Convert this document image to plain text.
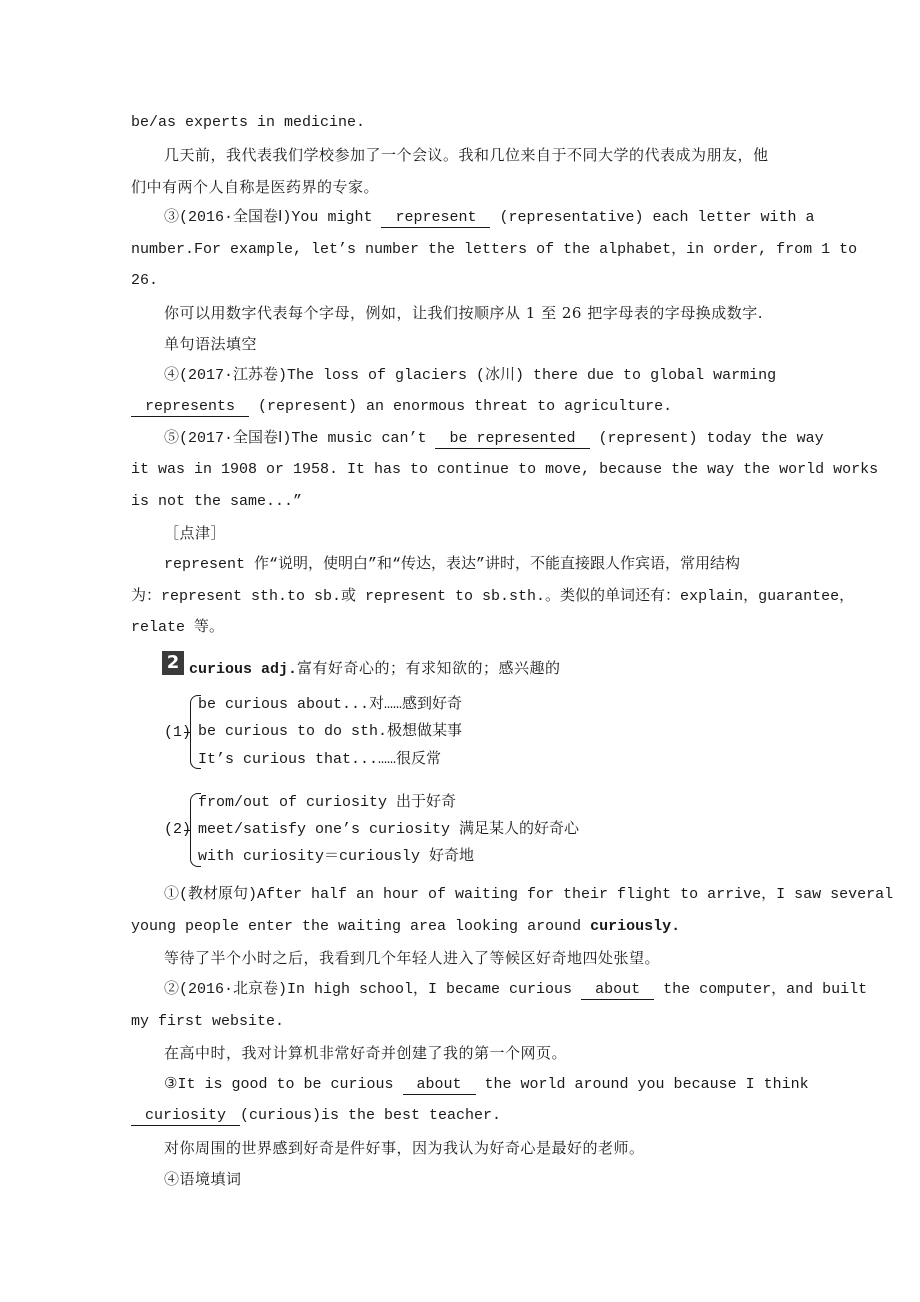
be/as experts in medicine.
几天前，我代表我们学校参加了一个会议。我和几位来自于不同大学的代表成为朋友，他
们中有两个人自称是医药界的专家。
③(2016·全国卷Ⅰ)You might represent (representative) each letter with a
number.For example, let’s number the letters of the alphabet，in order, from 1 to
26.
你可以用数字代表每个字母，例如，让我们按顺序从 1 至 26 把字母表的字母换成数字.
单句语法填空
④(2017·江苏卷)The loss of glaciers (冰川) there due to global warming
represents (represent) an enormous threat to agriculture.
⑤(2017·全国卷Ⅰ)The music can’t be represented (represent) today the way
it was in 1908 or 1958. It has to continue to move, because the way the world works
is not the same...”
［点津］
represent 作“说明，使明白”和“传达，表达”讲时，不能直接跟人作宾语，常用结构
为：represent sth.to sb.或 represent to sb.sth.。类似的单词还有：explain，guarantee，
relate 等。
2 curious adj.富有好奇心的；有求知欲的；感兴趣的
(1)
be curious about...对……感到好奇
be curious to do sth.极想做某事
It’s curious that...……很反常
(2)
from/out of curiosity 出于好奇
meet/satisfy one’s curiosity 满足某人的好奇心
with curiosity＝curiously 好奇地
①(教材原句)After half an hour of waiting for their flight to arrive，I saw several
young people enter the waiting area looking around curiously.
等待了半个小时之后，我看到几个年轻人进入了等候区好奇地四处张望。
②(2016·北京卷)In high school，I became curious about the computer，and built
my first website.
在高中时，我对计算机非常好奇并创建了我的第一个网页。
③It is good to be curious about the world around you because I think
curiosity (curious)is the best teacher.
对你周围的世界感到好奇是件好事，因为我认为好奇心是最好的老师。
④语境填词
